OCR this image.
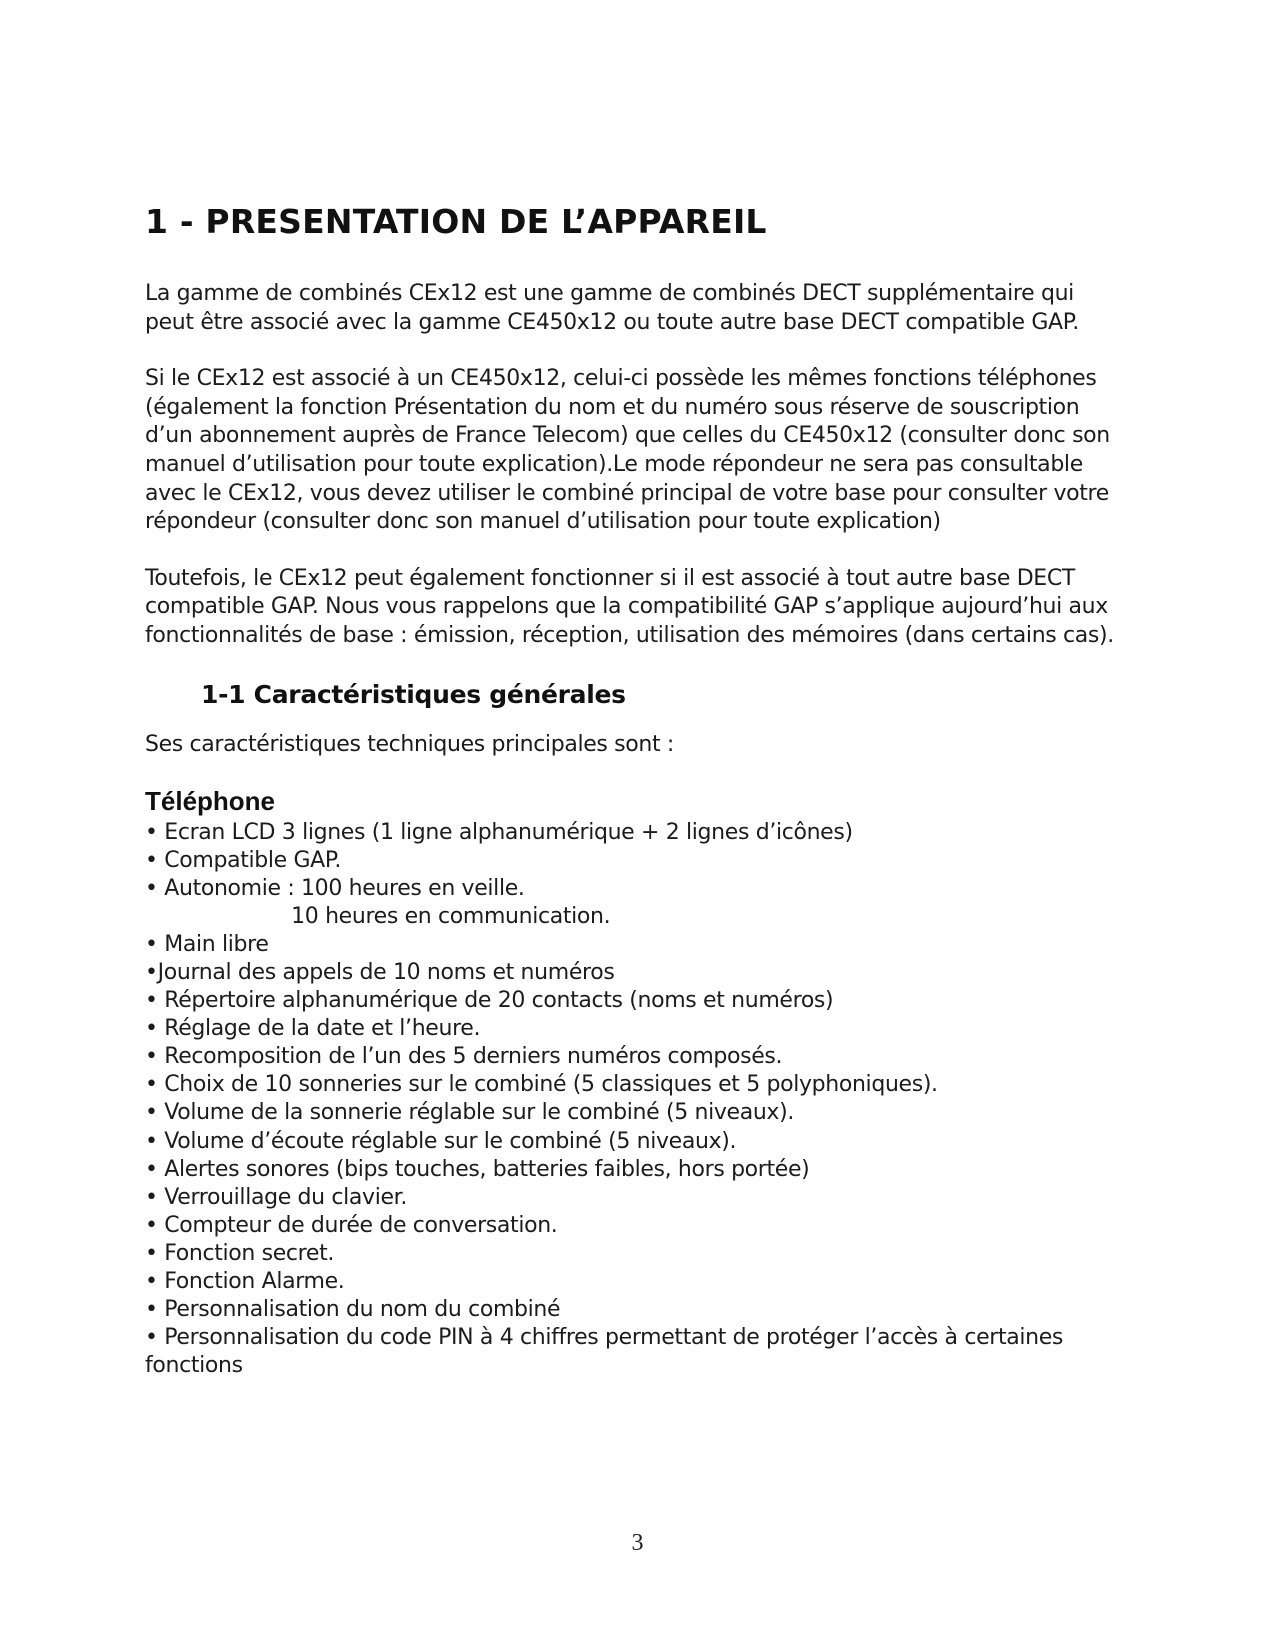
1 - PRESENTATION DE L’APPAREIL

La gamme de combinés CEx12 est une gamme de combinés DECT supplémentaire qui peut être associé avec la gamme CE450x12 ou toute autre base DECT compatible GAP.

Si le CEx12 est associé à un CE450x12, celui-ci possède les mêmes fonctions téléphones (également la fonction Présentation du nom et du numéro sous réserve de souscription d’un abonnement auprès de France Telecom) que celles du CE450x12 (consulter donc son manuel d’utilisation pour toute explication).Le mode répondeur ne sera pas consultable avec le CEx12, vous devez utiliser le combiné principal de votre base pour consulter votre répondeur (consulter donc son manuel d’utilisation pour toute explication)

Toutefois, le CEx12 peut également fonctionner si il est associé à tout autre base DECT compatible GAP. Nous vous rappelons que la compatibilité GAP s’applique aujourd’hui aux fonctionnalités de base : émission, réception, utilisation des mémoires (dans certains cas).

1-1 Caractéristiques générales

Ses caractéristiques techniques principales sont :

Téléphone
• Ecran LCD 3 lignes (1 ligne alphanumérique + 2 lignes d’icônes)
• Compatible GAP.
• Autonomie : 100 heures en veille.
10 heures en communication.
• Main libre
•Journal des appels de 10 noms et numéros
• Répertoire alphanumérique de 20 contacts (noms et numéros)
• Réglage de la date et l’heure.
• Recomposition de l’un des 5 derniers numéros composés.
• Choix de 10 sonneries sur le combiné (5 classiques et 5 polyphoniques).
• Volume de la sonnerie réglable sur le combiné (5 niveaux).
• Volume d’écoute réglable sur le combiné (5 niveaux).
• Alertes sonores (bips touches, batteries faibles, hors portée)
• Verrouillage du clavier.
• Compteur de durée de conversation.
• Fonction secret.
• Fonction Alarme.
• Personnalisation du nom du combiné
• Personnalisation du code PIN à 4 chiffres permettant de protéger l’accès à certaines fonctions
3
